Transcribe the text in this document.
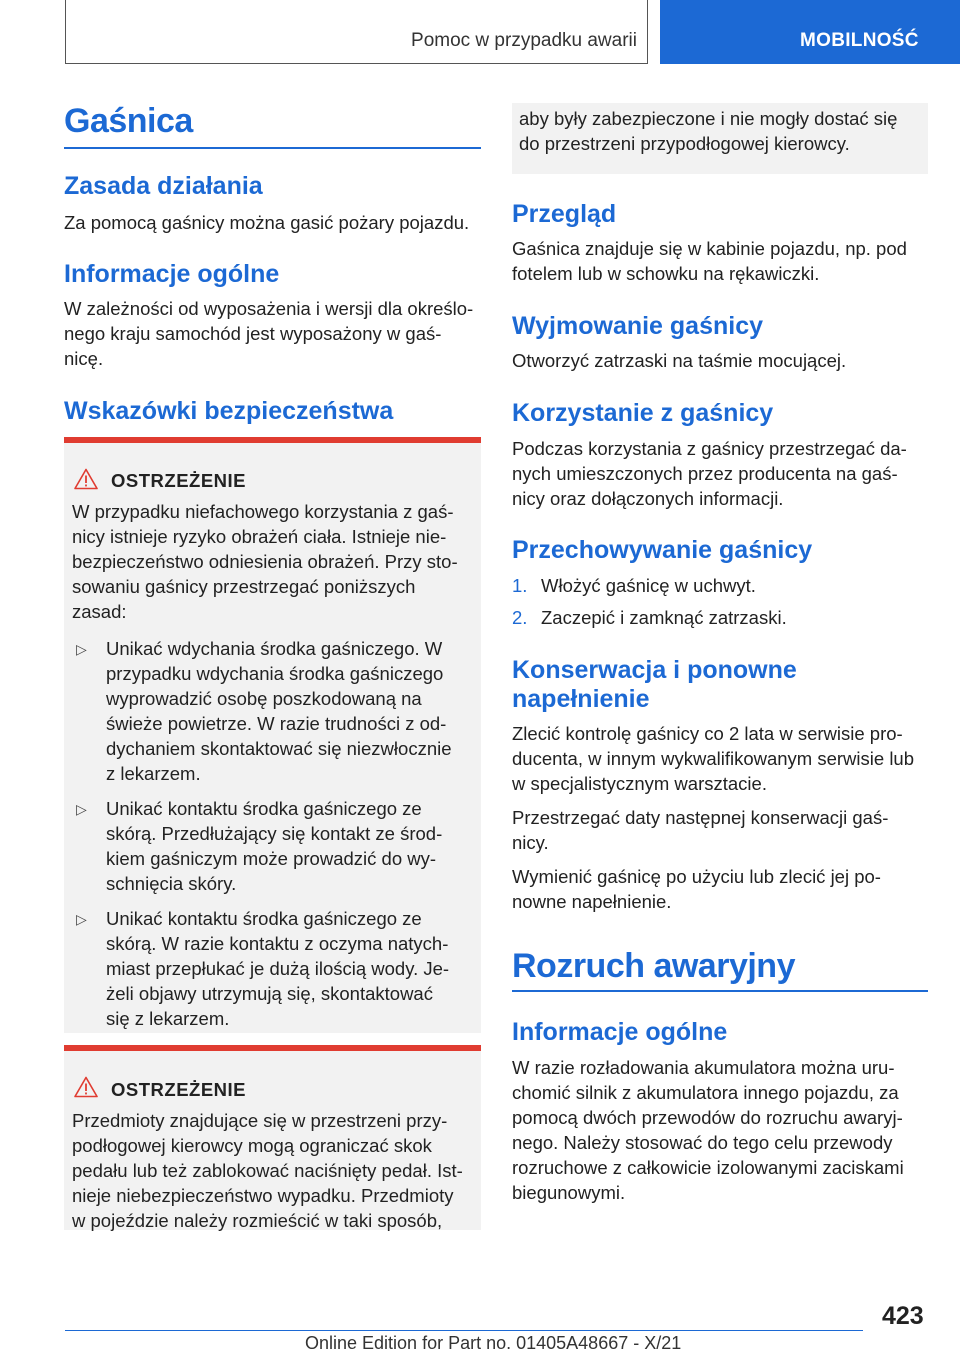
Pomoc w przypadku awarii	MOBILNOŚĆ
Gaśnica
Zasada działania
Za pomocą gaśnicy można gasić pożary pojazdu.
Informacje ogólne
W zależności od wyposażenia i wersji dla określo-
nego kraju samochód jest wyposażony w gaś-
nicę.
Wskazówki bezpieczeństwa
OSTRZEŻENIE
W przypadku niefachowego korzystania z gaś-
nicy istnieje ryzyko obrażeń ciała. Istnieje nie-
bezpieczeństwo odniesienia obrażeń. Przy sto-
sowaniu gaśnicy przestrzegać poniższych
zasad:
▷ Unikać wdychania środka gaśniczego. W
przypadku wdychania środka gaśniczego
wyprowadzić osobę poszkodowaną na
świeże powietrze. W razie trudności z od-
dychaniem skontaktować się niezwłocznie
z lekarzem.
▷ Unikać kontaktu środka gaśniczego ze
skórą. Przedłużający się kontakt ze środ-
kiem gaśniczym może prowadzić do wy-
schnięcia skóry.
▷ Unikać kontaktu środka gaśniczego ze
skórą. W razie kontaktu z oczyma natych-
miast przepłukać je dużą ilością wody. Je-
żeli objawy utrzymują się, skontaktować
się z lekarzem.
OSTRZEŻENIE
Przedmioty znajdujące się w przestrzeni przy-
podłogowej kierowcy mogą ograniczać skok
pedału lub też zablokować naciśnięty pedał. Ist-
nieje niebezpieczeństwo wypadku. Przedmioty
w pojeździe należy rozmieścić w taki sposób,
aby były zabezpieczone i nie mogły dostać się
do przestrzeni przypodłogowej kierowcy.
Przegląd
Gaśnica znajduje się w kabinie pojazdu, np. pod
fotelem lub w schowku na rękawiczki.
Wyjmowanie gaśnicy
Otworzyć zatrzaski na taśmie mocującej.
Korzystanie z gaśnicy
Podczas korzystania z gaśnicy przestrzegać da-
nych umieszczonych przez producenta na gaś-
nicy oraz dołączonych informacji.
Przechowywanie gaśnicy
1. Włożyć gaśnicę w uchwyt.
2. Zaczepić i zamknąć zatrzaski.
Konserwacja i ponowne
napełnienie
Zlecić kontrolę gaśnicy co 2 lata w serwisie pro-
ducenta, w innym wykwalifikowanym serwisie lub
w specjalistycznym warsztacie.
Przestrzegać daty następnej konserwacji gaś-
nicy.
Wymienić gaśnicę po użyciu lub zlecić jej po-
nowne napełnienie.
Rozruch awaryjny
Informacje ogólne
W razie rozładowania akumulatora można uru-
chomić silnik z akumulatora innego pojazdu, za
pomocą dwóch przewodów do rozruchu awaryj-
nego. Należy stosować do tego celu przewody
rozruchowe z całkowicie izolowanymi zaciskami
biegunowymi.
423
Online Edition for Part no. 01405A48667 - X/21
